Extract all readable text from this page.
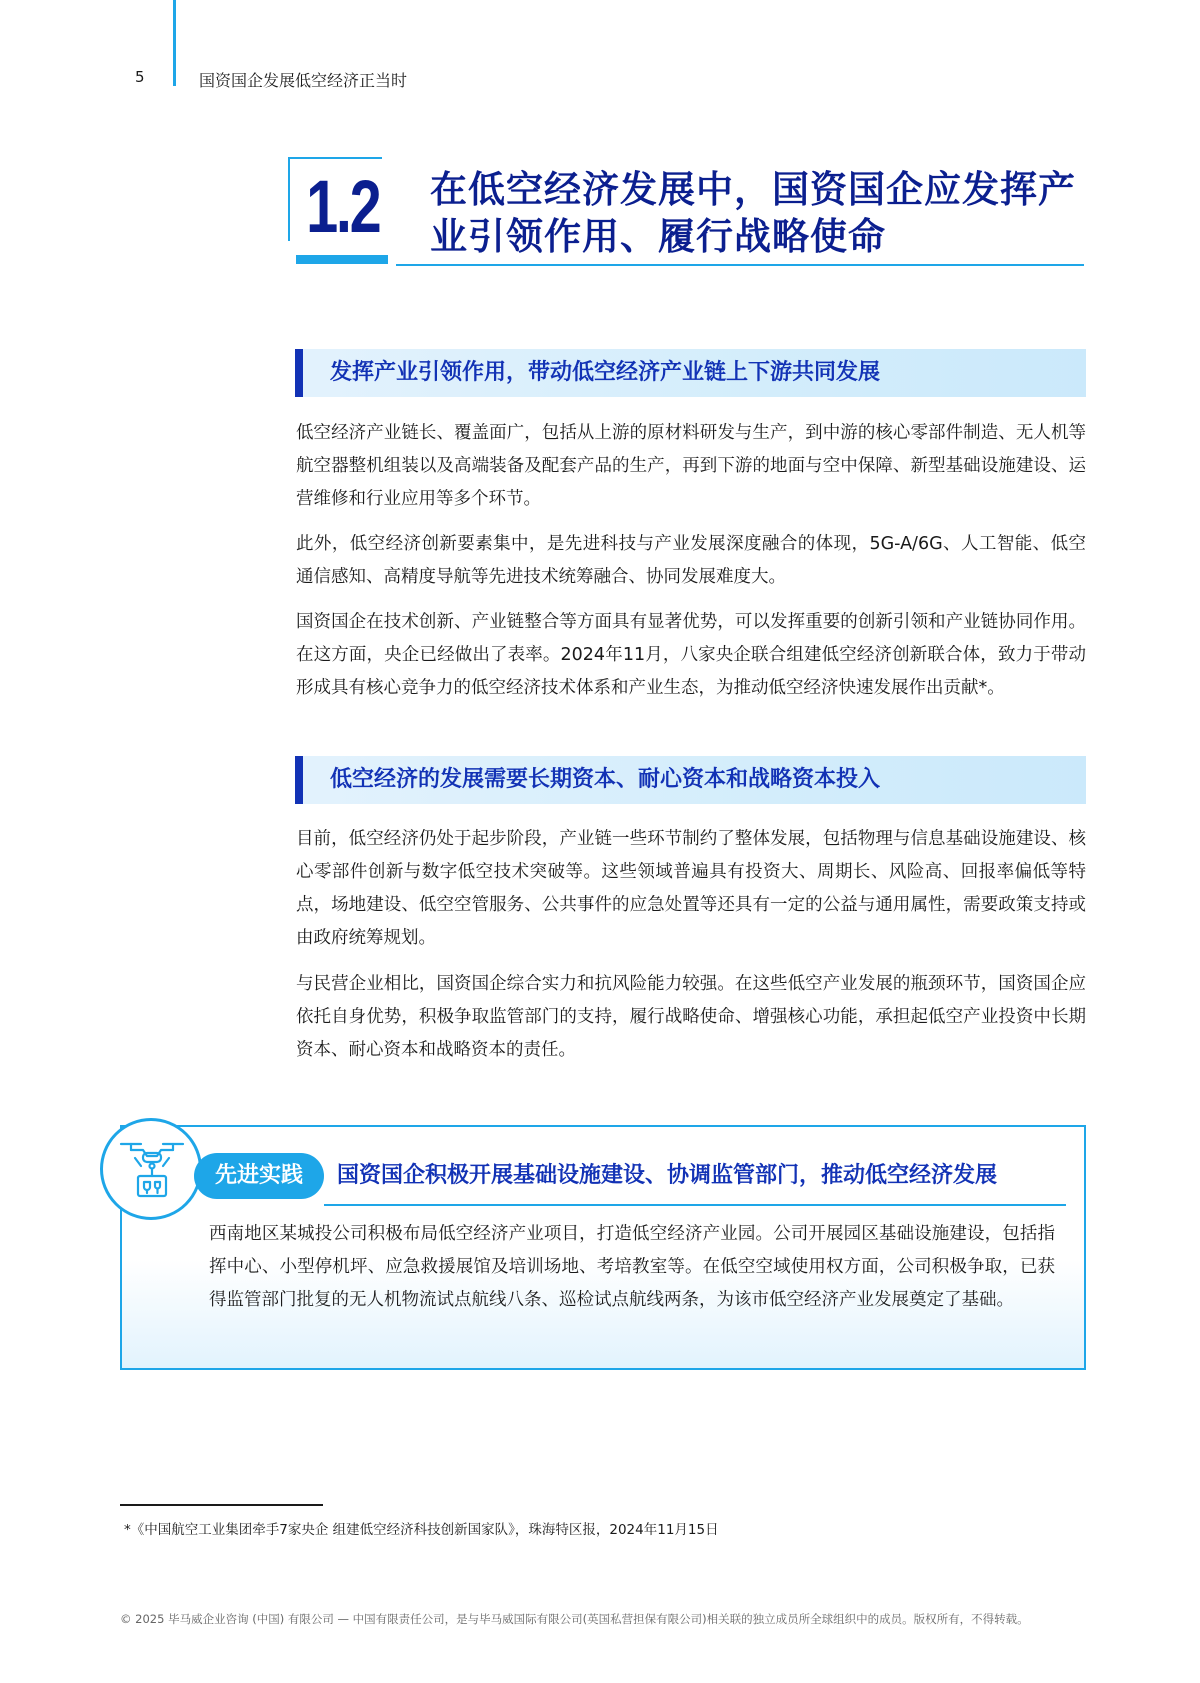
5	国资国企发展低空经济正当时
1.2 在低空经济发展中，国资国企应发挥产
业引领作用、履行战略使命
发挥产业引领作用，带动低空经济产业链上下游共同发展
低空经济产业链长、覆盖面广，包括从上游的原材料研发与生产，到中游的核心零部件制造、无人机等航空器整机组装以及高端装备及配套产品的生产，再到下游的地面与空中保障、新型基础设施建设、运营维修和行业应用等多个环节。
此外，低空经济创新要素集中，是先进科技与产业发展深度融合的体现，5G-A/6G、人工智能、低空通信感知、高精度导航等先进技术统筹融合、协同发展难度大。
国资国企在技术创新、产业链整合等方面具有显著优势，可以发挥重要的创新引领和产业链协同作用。在这方面，央企已经做出了表率。2024年11月，八家央企联合组建低空经济创新联合体，致力于带动形成具有核心竞争力的低空经济技术体系和产业生态，为推动低空经济快速发展作出贡献*。
低空经济的发展需要长期资本、耐心资本和战略资本投入
目前，低空经济仍处于起步阶段，产业链一些环节制约了整体发展，包括物理与信息基础设施建设、核心零部件创新与数字低空技术突破等。这些领域普遍具有投资大、周期长、风险高、回报率偏低等特点，场地建设、低空空管服务、公共事件的应急处置等还具有一定的公益与通用属性，需要政策支持或由政府统筹规划。
与民营企业相比，国资国企综合实力和抗风险能力较强。在这些低空产业发展的瓶颈环节，国资国企应依托自身优势，积极争取监管部门的支持，履行战略使命、增强核心功能，承担起低空产业投资中长期资本、耐心资本和战略资本的责任。
先进实践	国资国企积极开展基础设施建设、协调监管部门，推动低空经济发展
西南地区某城投公司积极布局低空经济产业项目，打造低空经济产业园。公司开展园区基础设施建设，包括指挥中心、小型停机坪、应急救援展馆及培训场地、考培教室等。在低空空域使用权方面，公司积极争取，已获得监管部门批复的无人机物流试点航线八条、巡检试点航线两条，为该市低空经济产业发展奠定了基础。
*《中国航空工业集团牵手7家央企 组建低空经济科技创新国家队》，珠海特区报，2024年11月15日
© 2025 毕马威企业咨询 (中国) 有限公司 — 中国有限责任公司，是与毕马威国际有限公司(英国私营担保有限公司)相关联的独立成员所全球组织中的成员。版权所有，不得转载。
